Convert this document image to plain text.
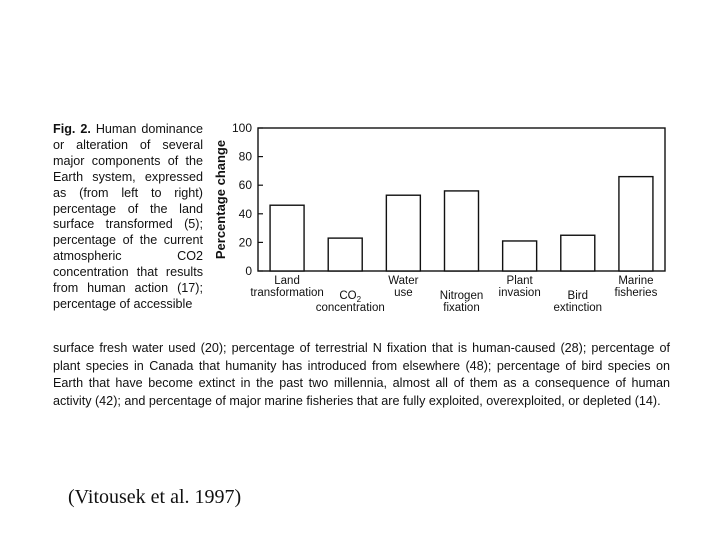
Fig. 2. Human dominance or alteration of several major components of the Earth system, expressed as (from left to right) percentage of the land surface transformed (5); percentage of the current atmospheric CO2 concentration that results from human action (17); percentage of accessible
surface fresh water used (20); percentage of terrestrial N fixation that is human-caused (28); percentage of plant species in Canada that humanity has introduced from elsewhere (48); percentage of bird species on Earth that have become extinct in the past two millennia, almost all of them as a consequence of human activity (42); and percentage of major marine fisheries that are fully exploited, overexploited, or depleted (14).
0
20
40
60
80
100
Percentage change
Land
transformation $CO_2$
concentration
Water
use Nitrogen
fixation
Plant
invasion Bird
extinction
Marine
fisheries
(Vitousek et al. 1997)
